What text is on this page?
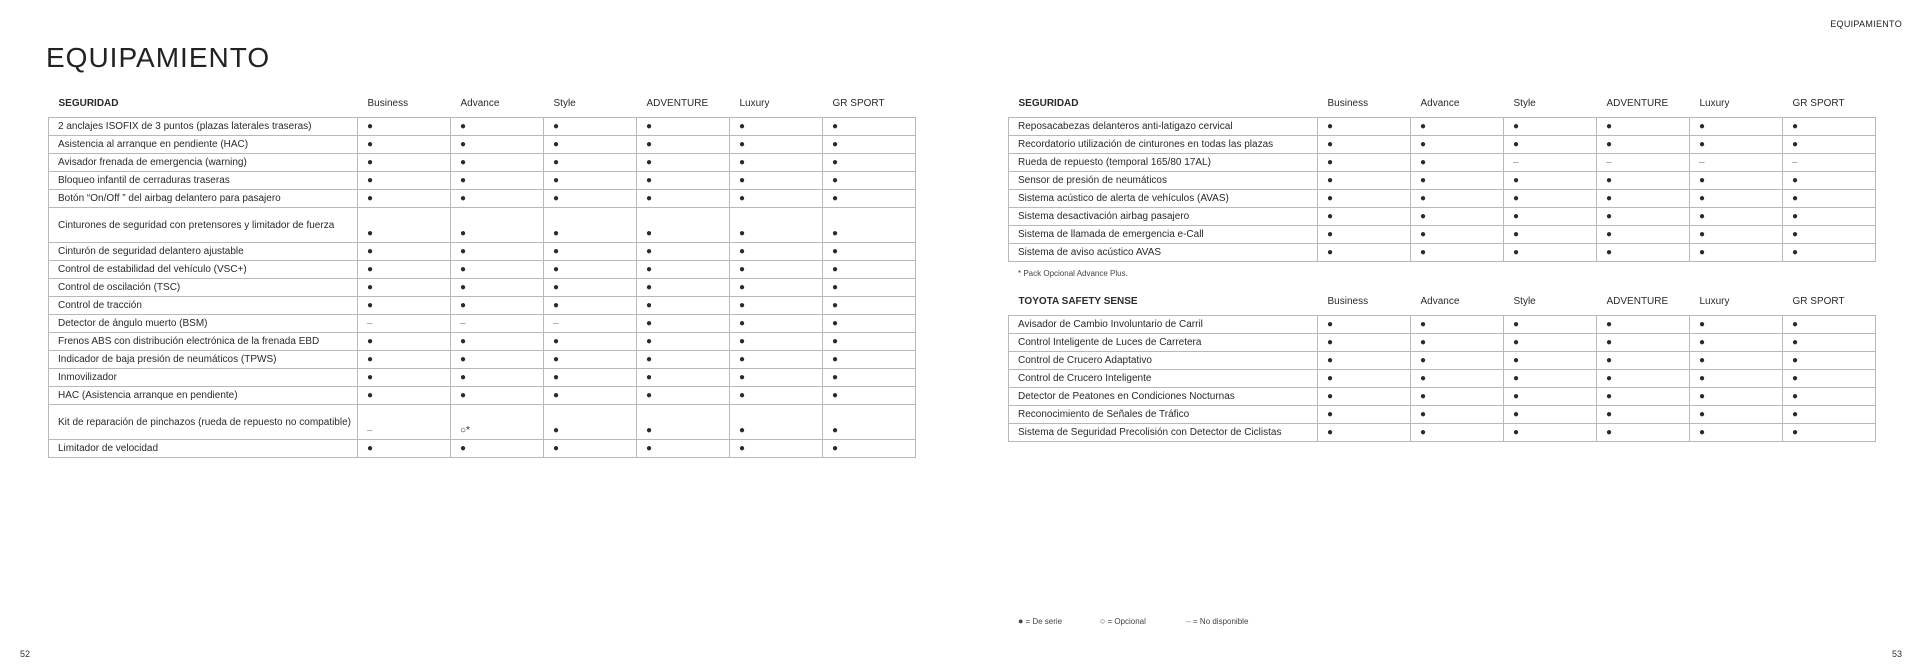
EQUIPAMIENTO
EQUIPAMIENTO
SEGURIDAD	Business	Advance	Style	ADVENTURE	Luxury	GR SPORT

2 anclajes ISOFIX de 3 puntos (plazas laterales traseras)	●	●	●	●	●	●
Asistencia al arranque en pendiente (HAC)	●	●	●	●	●	●
Avisador frenada de emergencia (warning)	●	●	●	●	●	●
Bloqueo infantil de cerraduras traseras	●	●	●	●	●	●
Botón “On/Off ” del airbag delantero para pasajero	●	●	●	●	●	●
Cinturones de seguridad con pretensores y limitador de fuerza	●	●	●	●	●	●
Cinturón de seguridad delantero ajustable	●	●	●	●	●	●
Control de estabilidad del vehículo (VSC+)	●	●	●	●	●	●
Control de oscilación (TSC)	●	●	●	●	●	●
Control de tracción	●	●	●	●	●	●
Detector de ángulo muerto (BSM)	–	–	–	●	●	●
Frenos ABS con distribución electrónica de la frenada EBD	●	●	●	●	●	●
Indicador de baja presión de neumáticos (TPWS)	●	●	●	●	●	●
Inmovilizador	●	●	●	●	●	●
HAC (Asistencia arranque en pendiente)	●	●	●	●	●	●
Kit de reparación de pinchazos (rueda de repuesto no compatible)	–	○*	●	●	●	●
Limitador de velocidad	●	●	●	●	●	●
SEGURIDAD	Business	Advance	Style	ADVENTURE	Luxury	GR SPORT

Reposacabezas delanteros anti-latigazo cervical	●	●	●	●	●	●
Recordatorio utilización de cinturones en todas las plazas	●	●	●	●	●	●
Rueda de repuesto (temporal 165/80 17AL)	●	●	–	–	–	–
Sensor de presión de neumáticos	●	●	●	●	●	●
Sistema acústico de alerta de vehículos (AVAS)	●	●	●	●	●	●
Sistema desactivación airbag pasajero	●	●	●	●	●	●
Sistema de llamada de emergencia e-Call	●	●	●	●	●	●
Sistema de aviso acústico AVAS	●	●	●	●	●	●
TOYOTA SAFETY SENSE	Business	Advance	Style	ADVENTURE	Luxury	GR SPORT

Avisador de Cambio Involuntario de Carril	●	●	●	●	●	●
Control Inteligente de Luces de Carretera	●	●	●	●	●	●
Control de Crucero Adaptativo	●	●	●	●	●	●
Control de Crucero Inteligente	●	●	●	●	●	●
Detector de Peatones en Condiciones Nocturnas	●	●	●	●	●	●
Reconocimiento de Señales de Tráfico	●	●	●	●	●	●
Sistema de Seguridad Precolisión con Detector de Ciclistas	●	●	●	●	●	●
* Pack Opcional Advance Plus.
● = De serie	○ = Opcional	– = No disponible
52	53
